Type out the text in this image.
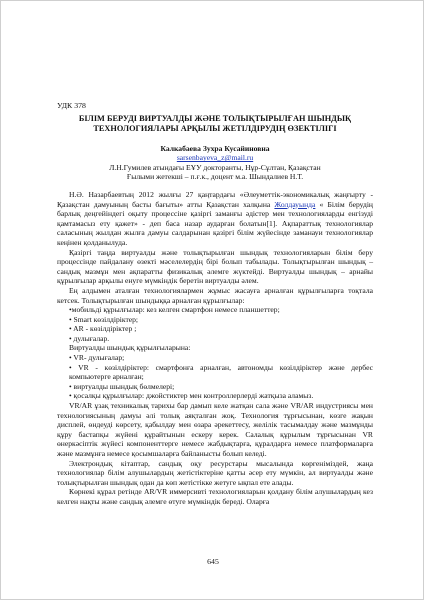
УДК 378
БІЛІМ БЕРУДІ ВИРТУАЛДЫ ЖӘНЕ ТОЛЫҚТЫРЫЛҒАН ШЫНДЫҚ
ТЕХНОЛОГИЯЛАРЫ АРҚЫЛЫ ЖЕТІЛДІРУДІҢ ӨЗЕКТІЛІГІ
Калкабаева Зухра Кусайиновна
sarsenbayeva_z@mail.ru
Л.Н.Гумилев атындағы ЕҰУ докторанты, Нұр-Сұлтан, Қазақстан
Ғылыми жетекші – п.ғ.к., доцент м.а. Шындалиев Н.Т.

Н.Ә. Назарбаевтың 2012 жылғы 27 қаңтардағы «Әлеуметтік-экономикалық жаңғырту - Қазақстан дамуының басты бағыты» атты Қазақстан халқына Жолдауында « Білім берудің барлық деңгейіндегі оқыту процессіне қазіргі заманғы әдістер мен технологияларды енгізуді қамтамасыз ету қажет» - деп баса назар аударған болатын[1]. Ақпараттық технологиялар саласының жылдан жылға дамуы салдарынан қазіргі білім жүйесінде заманауи технологиялар кеңінен қолданылуда.

Қазіргі таңда виртуалды және толықтырылған шындық технологияларын білім беру процессінде пайдалану өзекті мәселелердің бірі болып табылады. Толықтырылған шындық – сандық мазмұн мен ақпаратты физикалық әлемге жүктейді. Виртуалды шындық – арнайы құрылғылар арқылы енуге мүмкіндік беретін виртуалды әлем.

Ең алдымен аталған технологиялармен жұмыс жасауға арналған құрылғыларға тоқтала кетсек. Толықтырылған шындыққа арналған құрылғылар:

•мобильді құрылғылар: кез келген смартфон немесе планшеттер;

• Smart көзілдіріктер;

• AR - көзілдіріктер ;

• дулығалар.

Виртуалды шындық құрылғыларына:

• VR- дулығалар;

• VR - көзілдіріктер: смартфонға арналған, автономды көзілдіріктер және дербес компьютерге арналған;

• виртуалды шындық бөлмелері;

• қосалқы құрылғылар: джойстиктер мен контроллерлерді жатқыза аламыз.

VR/AR ұзақ техникалық тарихы бар дамып келе жатқан сала және VR/AR индустриясы мен технологиясының дамуы әлі толық аяқталған жоқ. Технология тұрғысынан, көзге жақын дисплей, өндеуді көрсету, қабылдау мен өзара әрекеттесу, желілік тасымалдау және мазмұнды құру бастапқы жүйені құрайтынын ескеру керек. Салалық құрылым тұрғысынан VR өнеркәсіптік жүйесі компоненттерге немесе жабдықтарға, құралдарға немесе платформаларға және мазмұнға немесе қосымшаларға байланысты болып келеді.

Электрондық кітаптар, сандық оқу ресурстары мысалында көргеніміздей, жаңа технологиялар білім алушылардың жетістіктеріне қатты әсер ету мүмкін, ал виртуалды және толықтырылған шындық одан да көп жетістікке жетуге ықпал ете алады.

Көрнекі құрал ретінде AR/VR иммерсивті технологияларын қолдану білім алушылардың кез келген нақты және сандық әлемге өтуге мүмкіндік береді. Оларға

645
